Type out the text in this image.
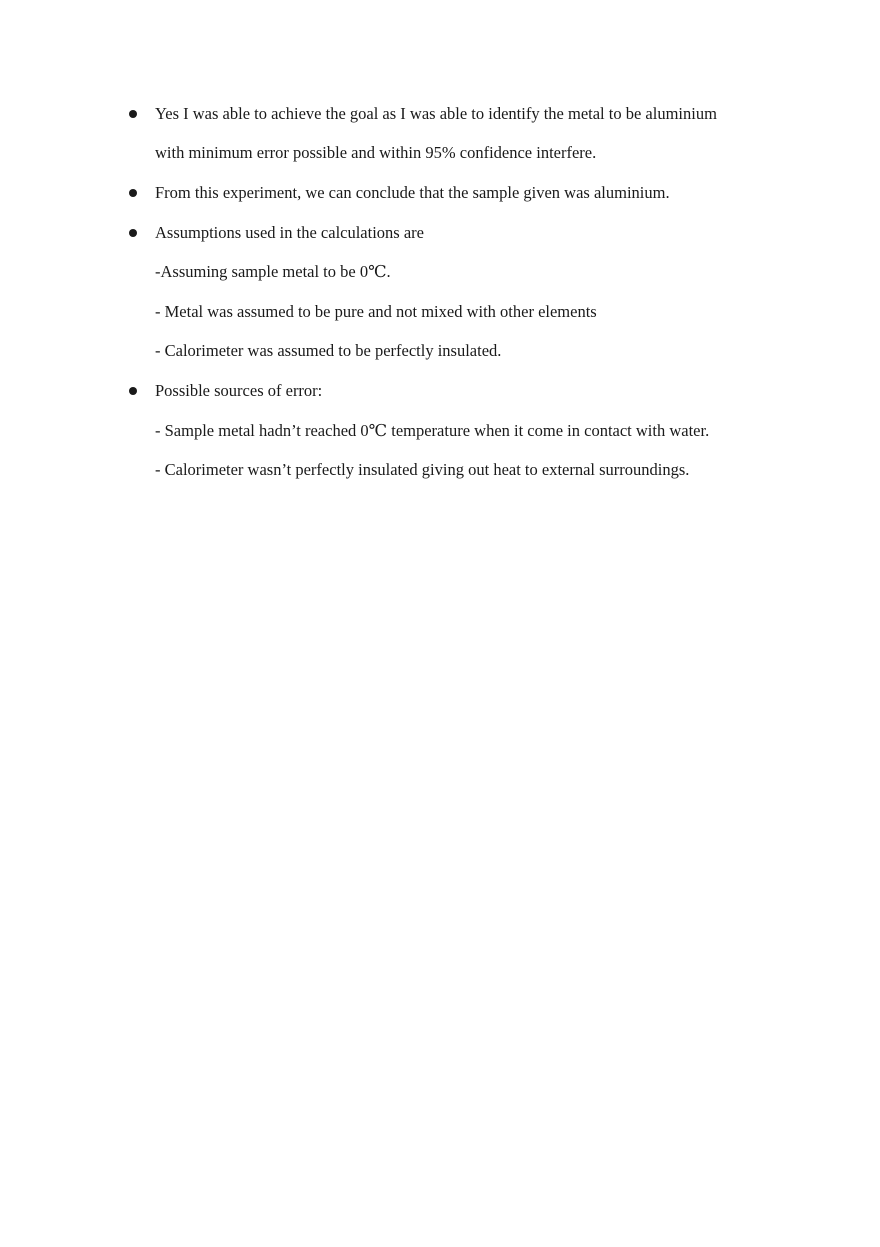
Yes I was able to achieve the goal as I was able to identify the metal to be aluminium
with minimum error possible and within 95% confidence interfere.
From this experiment, we can conclude that the sample given was aluminium.
Assumptions used in the calculations are
-Assuming sample metal to be 0℃.
- Metal was assumed to be pure and not mixed with other elements
- Calorimeter was assumed to be perfectly insulated.
Possible sources of error:
- Sample metal hadn’t reached 0℃ temperature when it come in contact with water.
- Calorimeter wasn’t perfectly insulated giving out heat to external surroundings.
